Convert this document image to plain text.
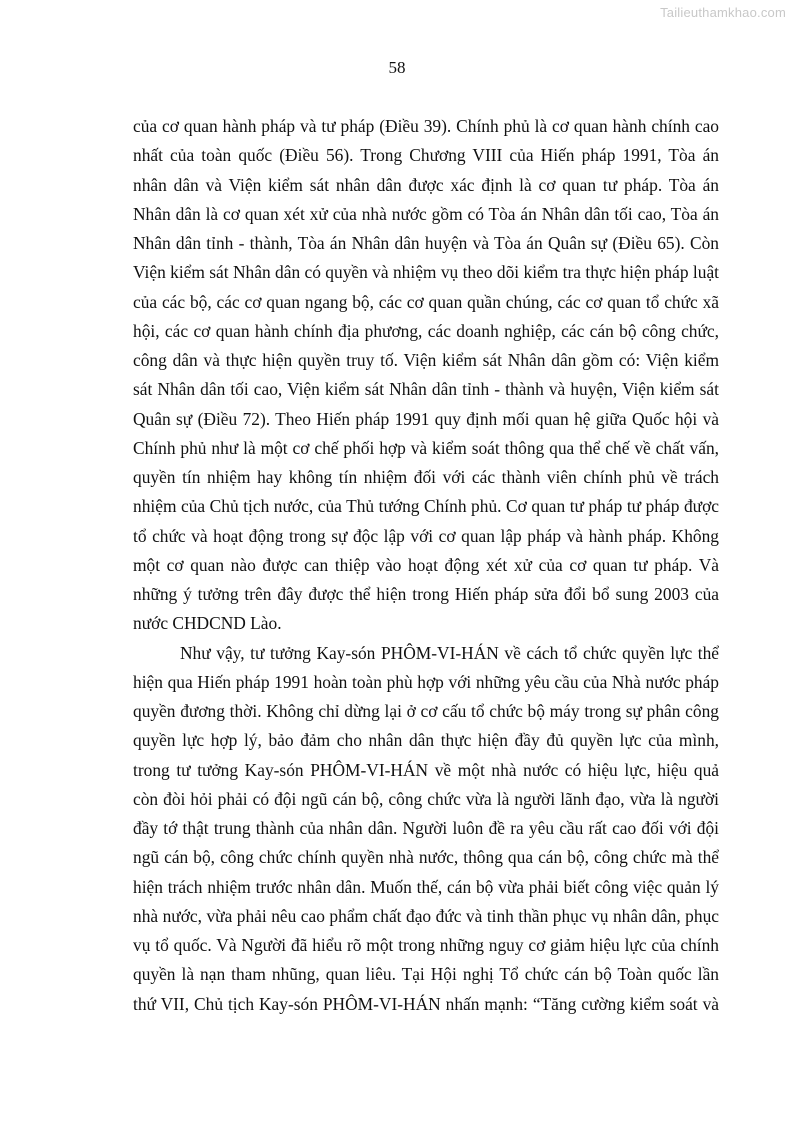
Tailieuthamkhao.com
58
của cơ quan hành pháp và tư pháp (Điều 39). Chính phủ là cơ quan hành chính cao
nhất của toàn quốc (Điều 56). Trong Chương VIII của Hiến pháp 1991, Tòa án
nhân dân và Viện kiểm sát nhân dân được xác định là cơ quan tư pháp. Tòa án
Nhân dân là cơ quan xét xử của nhà nước gồm có Tòa án Nhân dân tối cao, Tòa án
Nhân dân tỉnh - thành, Tòa án Nhân dân huyện và Tòa án Quân sự (Điều 65). Còn
Viện kiểm sát Nhân dân có quyền và nhiệm vụ theo dõi kiểm tra thực hiện pháp luật
của các bộ, các cơ quan ngang bộ, các cơ quan quần chúng, các cơ quan tổ chức xã
hội, các cơ quan hành chính địa phương, các doanh nghiệp, các cán bộ công chức,
công dân và thực hiện quyền truy tố. Viện kiểm sát Nhân dân gồm có: Viện kiểm
sát Nhân dân tối cao, Viện kiểm sát Nhân dân tỉnh - thành và huyện, Viện kiểm sát
Quân sự (Điều 72). Theo Hiến pháp 1991 quy định mối quan hệ giữa Quốc hội và
Chính phủ như là một cơ chế phối hợp và kiểm soát thông qua thể chế về chất vấn,
quyền tín nhiệm hay không tín nhiệm đối với các thành viên chính phủ về trách
nhiệm của Chủ tịch nước, của Thủ tướng Chính phủ. Cơ quan tư pháp tư pháp được
tổ chức và hoạt động trong sự độc lập với cơ quan lập pháp và hành pháp. Không
một cơ quan nào được can thiệp vào hoạt động xét xử của cơ quan tư pháp. Và
những ý tưởng trên đây được thể hiện trong Hiến pháp sửa đổi bổ sung 2003 của
nước CHDCND Lào.
Như vậy, tư tưởng Kay-són PHÔM-VI-HÁN về cách tổ chức quyền lực thể
hiện qua Hiến pháp 1991 hoàn toàn phù hợp với những yêu cầu của Nhà nước pháp
quyền đương thời. Không chỉ dừng lại ở cơ cấu tổ chức bộ máy trong sự phân công
quyền lực hợp lý, bảo đảm cho nhân dân thực hiện đầy đủ quyền lực của mình,
trong tư tưởng Kay-són PHÔM-VI-HÁN về một nhà nước có hiệu lực, hiệu quả
còn đòi hỏi phải có đội ngũ cán bộ, công chức vừa là người lãnh đạo, vừa là người
đầy tớ thật trung thành của nhân dân. Người luôn đề ra yêu cầu rất cao đối với đội
ngũ cán bộ, công chức chính quyền nhà nước, thông qua cán bộ, công chức mà thể
hiện trách nhiệm trước nhân dân. Muốn thế, cán bộ vừa phải biết công việc quản lý
nhà nước, vừa phải nêu cao phẩm chất đạo đức và tinh thần phục vụ nhân dân, phục
vụ tổ quốc. Và Người đã hiểu rõ một trong những nguy cơ giảm hiệu lực của chính
quyền là nạn tham nhũng, quan liêu. Tại Hội nghị Tổ chức cán bộ Toàn quốc lần
thứ VII, Chủ tịch Kay-són PHÔM-VI-HÁN nhấn mạnh: “Tăng cường kiểm soát và
